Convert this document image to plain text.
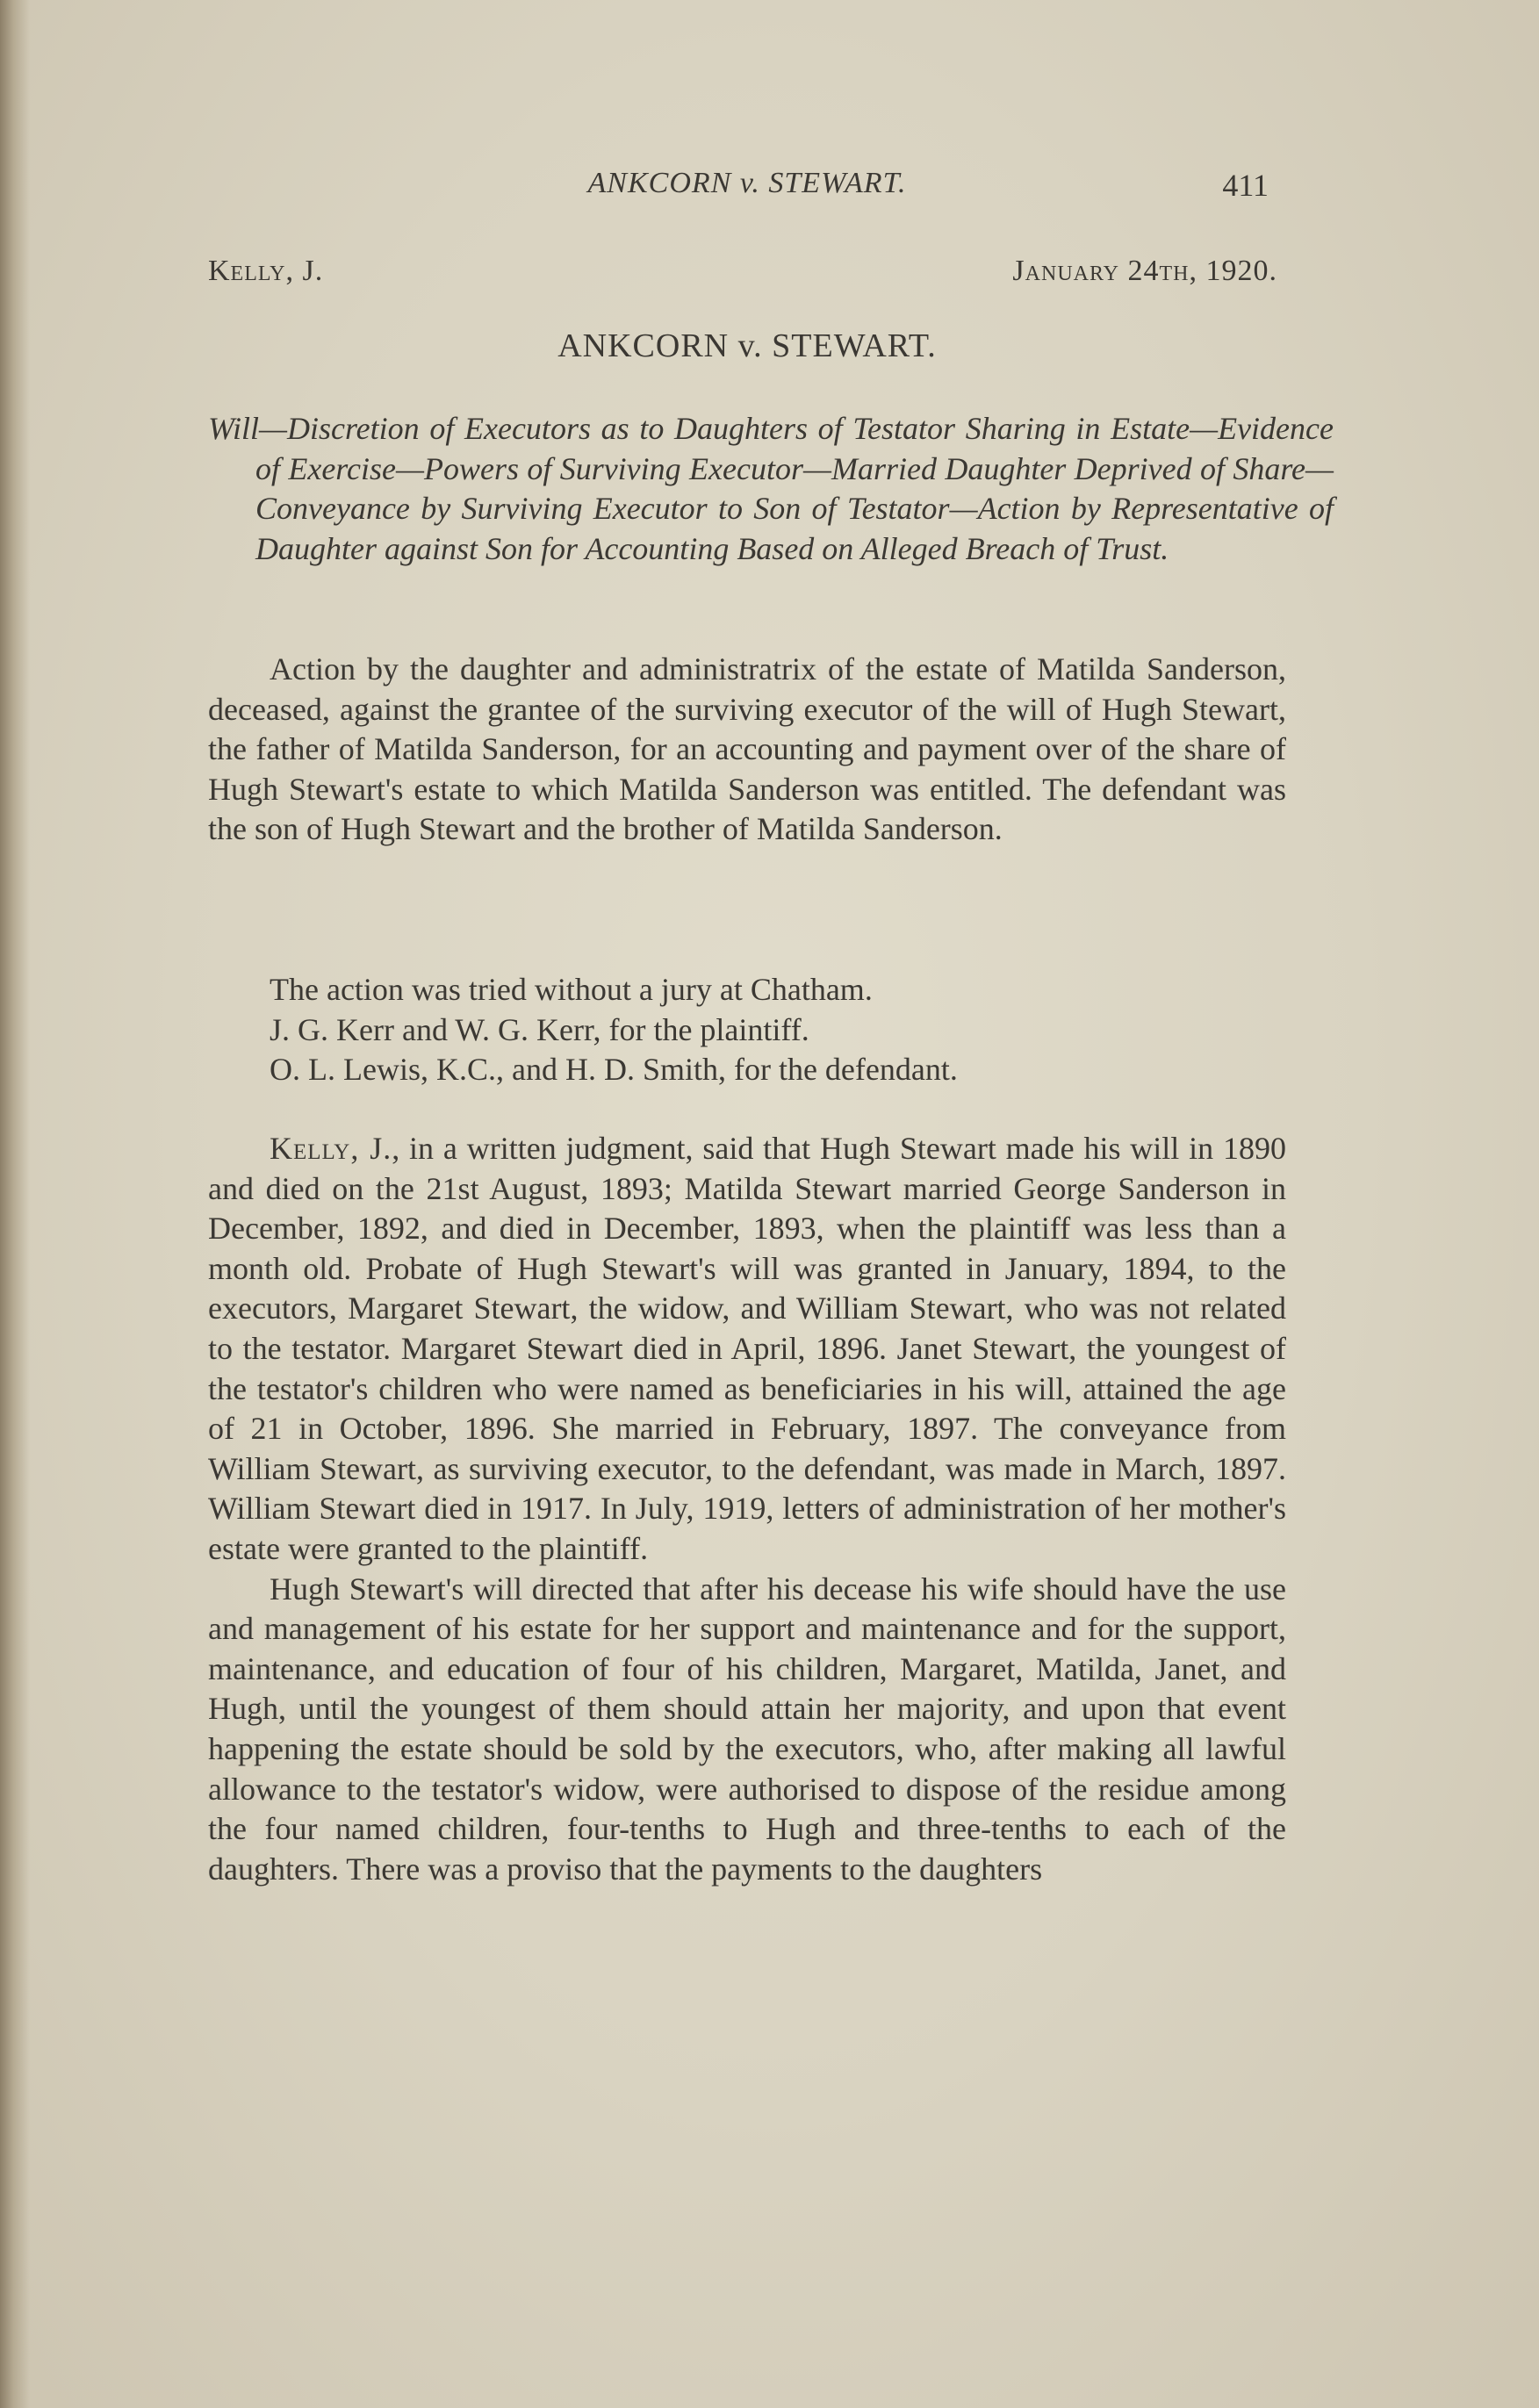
ANKCORN v. STEWART.	411
Kelly, J.	January 24th, 1920.
ANKCORN v. STEWART.
Will—Discretion of Executors as to Daughters of Testator Sharing in Estate—Evidence of Exercise—Powers of Surviving Executor—Married Daughter Deprived of Share—Conveyance by Surviving Executor to Son of Testator—Action by Representative of Daughter against Son for Accounting Based on Alleged Breach of Trust.
Action by the daughter and administratrix of the estate of Matilda Sanderson, deceased, against the grantee of the surviving executor of the will of Hugh Stewart, the father of Matilda Sanderson, for an accounting and payment over of the share of Hugh Stewart's estate to which Matilda Sanderson was entitled. The defendant was the son of Hugh Stewart and the brother of Matilda Sanderson.
The action was tried without a jury at Chatham.
J. G. Kerr and W. G. Kerr, for the plaintiff.
O. L. Lewis, K.C., and H. D. Smith, for the defendant.

Kelly, J., in a written judgment, said that Hugh Stewart made his will in 1890 and died on the 21st August, 1893; Matilda Stewart married George Sanderson in December, 1892, and died in December, 1893, when the plaintiff was less than a month old. Probate of Hugh Stewart's will was granted in January, 1894, to the executors, Margaret Stewart, the widow, and William Stewart, who was not related to the testator. Margaret Stewart died in April, 1896. Janet Stewart, the youngest of the testator's children who were named as beneficiaries in his will, attained the age of 21 in October, 1896. She married in February, 1897. The conveyance from William Stewart, as surviving executor, to the defendant, was made in March, 1897. William Stewart died in 1917. In July, 1919, letters of administration of her mother's estate were granted to the plaintiff.

Hugh Stewart's will directed that after his decease his wife should have the use and management of his estate for her support and maintenance and for the support, maintenance, and education of four of his children, Margaret, Matilda, Janet, and Hugh, until the youngest of them should attain her majority, and upon that event happening the estate should be sold by the executors, who, after making all lawful allowance to the testator's widow, were authorised to dispose of the residue among the four named children, four-tenths to Hugh and three-tenths to each of the daughters. There was a proviso that the payments to the daughters
